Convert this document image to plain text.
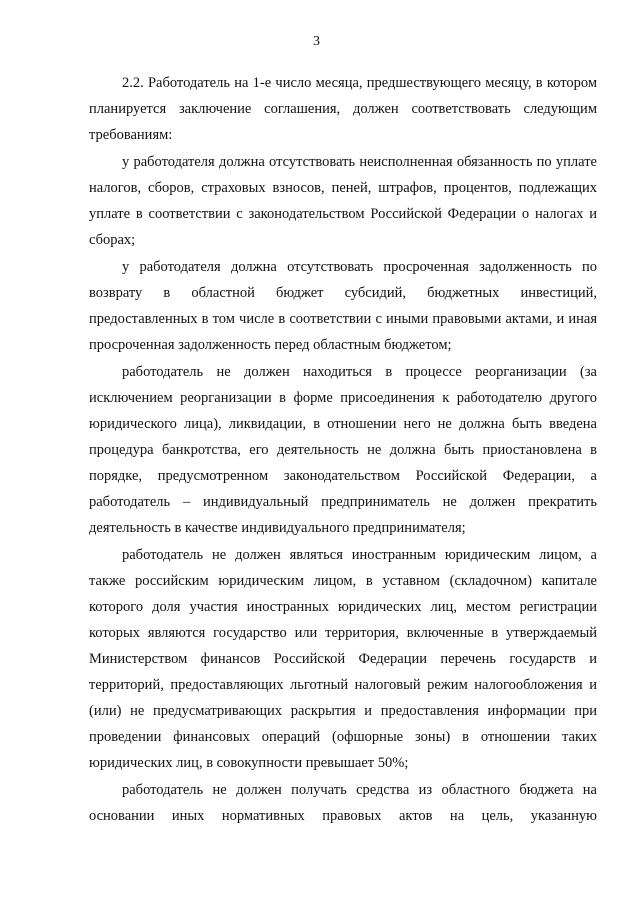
3

2.2. Работодатель на 1-е число месяца, предшествующего месяцу, в котором планируется заключение соглашения, должен соответствовать следующим требованиям:

у работодателя должна отсутствовать неисполненная обязанность по уплате налогов, сборов, страховых взносов, пеней, штрафов, процентов, подлежащих уплате в соответствии с законодательством Российской Федерации о налогах и сборах;

у работодателя должна отсутствовать просроченная задолженность по возврату в областной бюджет субсидий, бюджетных инвестиций, предоставленных в том числе в соответствии с иными правовыми актами, и иная просроченная задолженность перед областным бюджетом;

работодатель не должен находиться в процессе реорганизации (за исключением реорганизации в форме присоединения к работодателю другого юридического лица), ликвидации, в отношении него не должна быть введена процедура банкротства, его деятельность не должна быть приостановлена в порядке, предусмотренном законодательством Российской Федерации, а работодатель – индивидуальный предприниматель не должен прекратить деятельность в качестве индивидуального предпринимателя;

работодатель не должен являться иностранным юридическим лицом, а также российским юридическим лицом, в уставном (складочном) капитале которого доля участия иностранных юридических лиц, местом регистрации которых являются государство или территория, включенные в утверждаемый Министерством финансов Российской Федерации перечень государств и территорий, предоставляющих льготный налоговый режим налогообложения и (или) не предусматривающих раскрытия и предоставления информации при проведении финансовых операций (офшорные зоны) в отношении таких юридических лиц, в совокупности превышает 50%;

работодатель не должен получать средства из областного бюджета на основании иных нормативных правовых актов на цель, указанную
